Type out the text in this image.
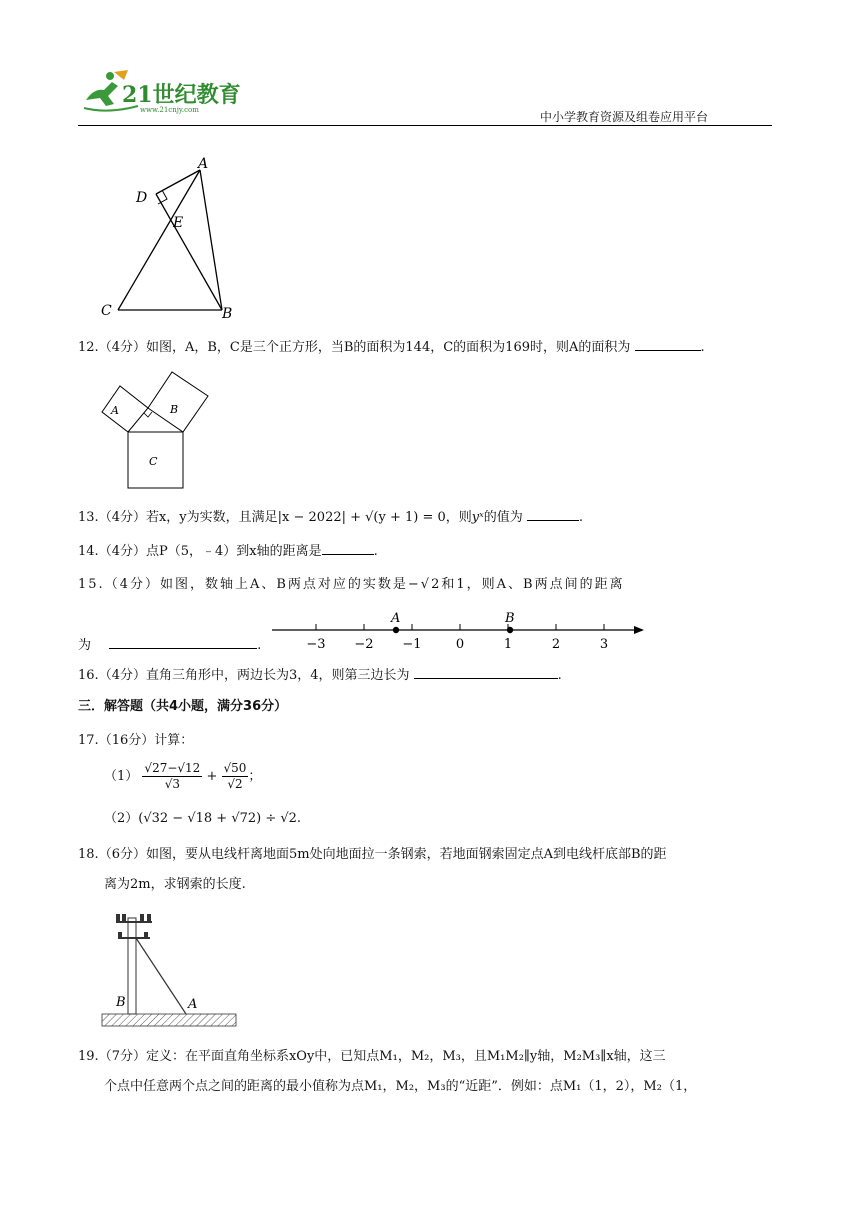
21世纪教育
www.21cnjy.com	中小学教育资源及组卷应用平台
A
D
E
C	B
12.（4分）如图，A，B，C是三个正方形，当B的面积为144，C的面积为169时，则A的面积为	.
C
A	B
13.（4分）若x，y为实数，且满足|x − 2022| + √(y + 1) = 0，则yˣ的值为	.
14.（4分）点P（5，﹣4）到x轴的距离是	.
15.（4分）如图，数轴上A、B两点对应的实数是−√2和1，则A、B两点间的距离
为	.	−3 −2 −1	0	1	2	3
A	B
16.（4分）直角三角形中，两边长为3，4，则第三边长为	.
三．解答题（共4小题，满分36分）
17.（16分）计算：
$(1) \frac{√27-√12}{√3} + \frac{√50}{√2}$ ；
（2）(√32 − √18 + √72) ÷ √2.
18.（6分）如图，要从电线杆离地面5m处向地面拉一条钢索，若地面钢索固定点A到电线杆底部B的距
离为2m，求钢索的长度.
B	A
19.（7分）定义：在平面直角坐标系xOy中，已知点M₁，M₂，M₃，且M₁M₂∥y轴，M₂M₃∥x轴，这三
个点中任意两个点之间的距离的最小值称为点M₁，M₂，M₃的“近距”．例如：点M₁（1，2），M₂（1，
